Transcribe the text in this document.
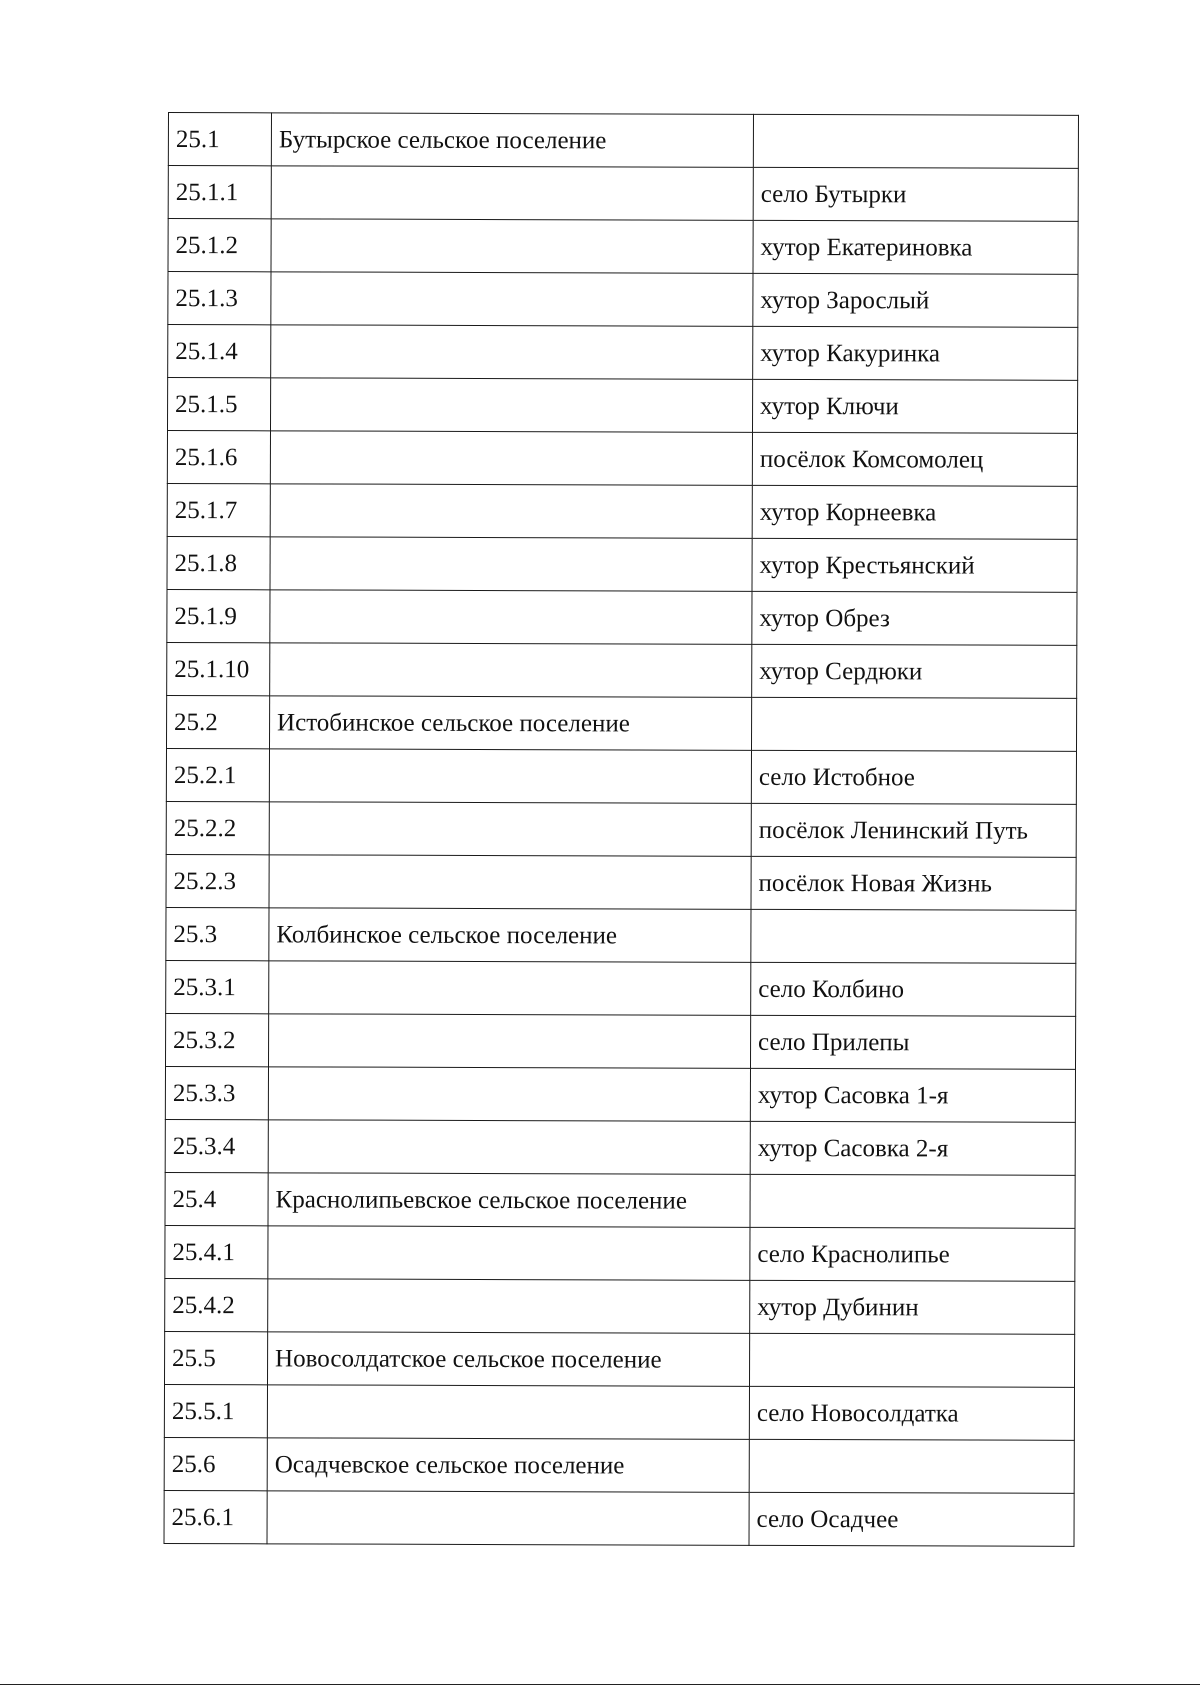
25.1	Бутырское сельское поселение	
25.1.1		село Бутырки
25.1.2		хутор Екатериновка
25.1.3		хутор Заpослый
25.1.4		хутор Какуринка
25.1.5		хутор Ключи
25.1.6		посёлок Комсомолец
25.1.7		хутор Корнеевка
25.1.8		хутор Крестьянский
25.1.9		хутор Обрез
25.1.10		хутор Сердюки
25.2	Истобинское сельское поселение	
25.2.1		село Истобное
25.2.2		посёлок Ленинский Путь
25.2.3		посёлок Новая Жизнь
25.3	Колбинское сельское поселение	
25.3.1		село Колбино
25.3.2		село Прилепы
25.3.3		хутор Сасовка 1-я
25.3.4		хутор Сасовка 2-я
25.4	Краснолипьевское сельское поселение	
25.4.1		село Краснолипье
25.4.2		хутор Дубинин
25.5	Новосолдатское сельское поселение	
25.5.1		село Новосолдатка
25.6	Осадчевское сельское поселение	
25.6.1		село Осадчее
